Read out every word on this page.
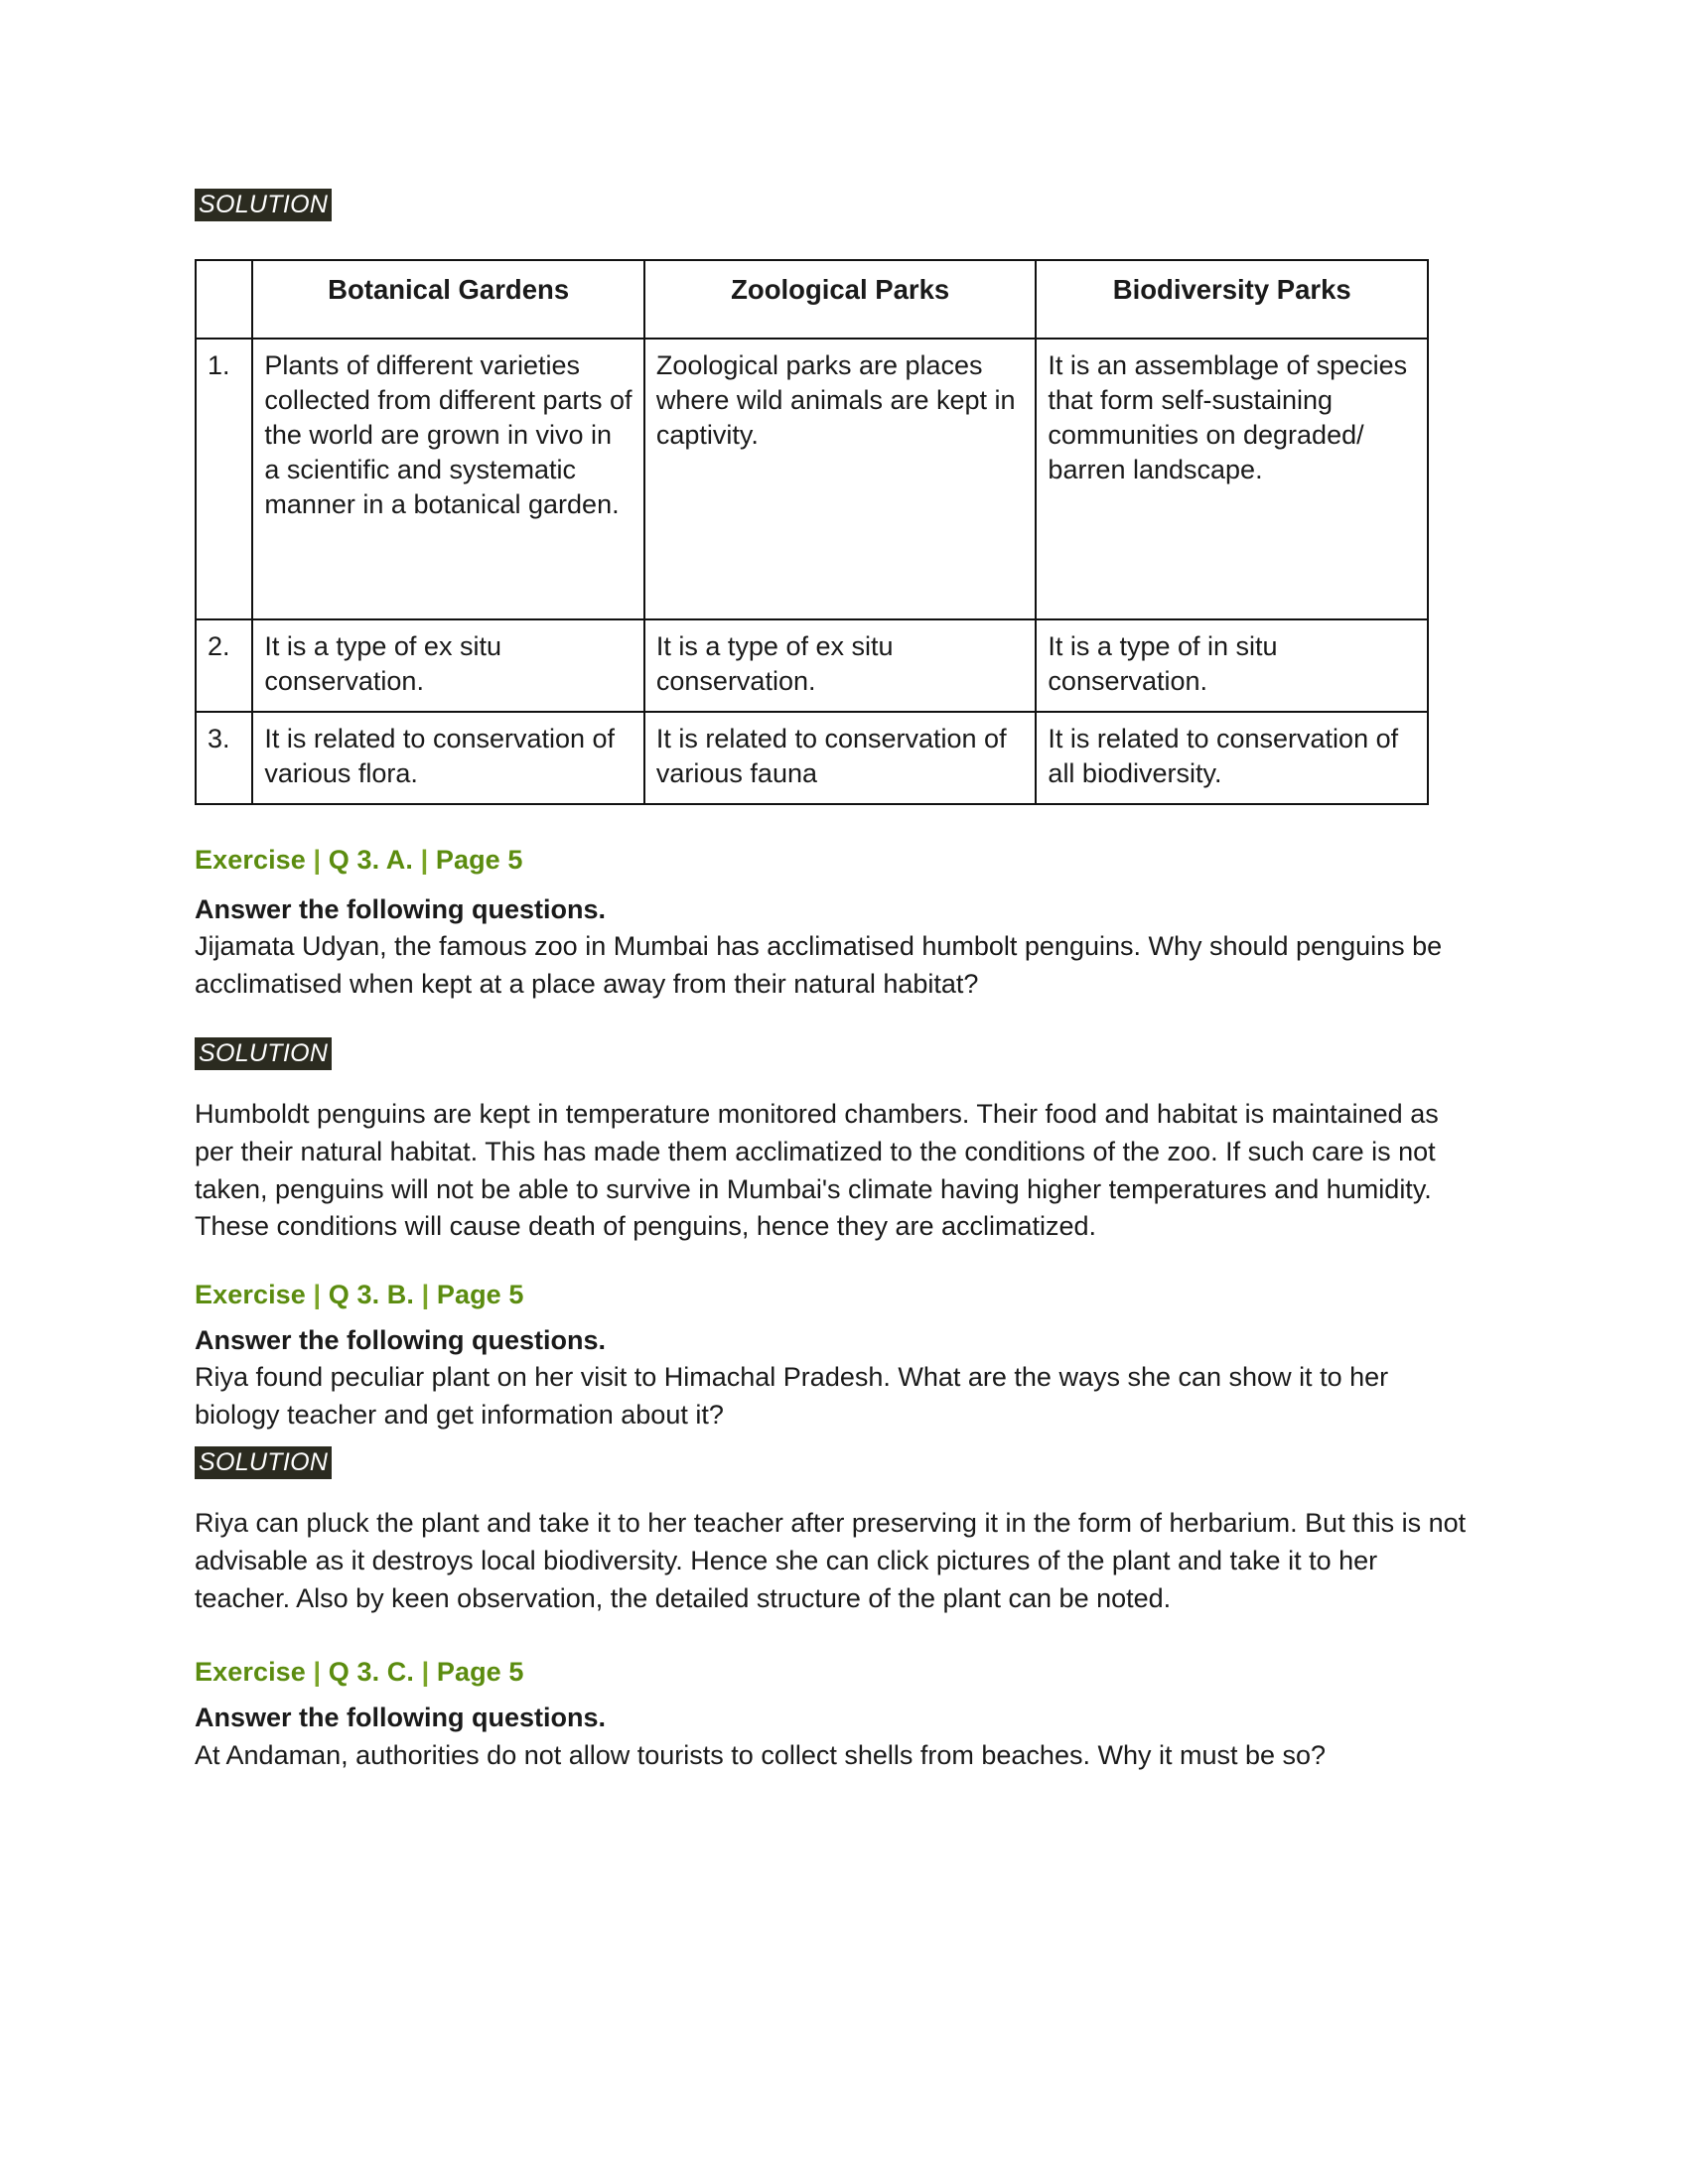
SOLUTION
	Botanical Gardens	Zoological Parks	Biodiversity Parks
1.	Plants of different varieties collected from different parts of the world are grown in vivo in a scientific and systematic manner in a botanical garden.	Zoological parks are places where wild animals are kept in captivity.	It is an assemblage of species that form self-sustaining communities on degraded/ barren landscape.
2.	It is a type of ex situ conservation.	It is a type of ex situ conservation.	It is a type of in situ conservation.
3.	It is related to conservation of various flora.	It is related to conservation of various fauna	It is related to conservation of all biodiversity.

Exercise | Q 3. A. | Page 5

Answer the following questions.

Jijamata Udyan, the famous zoo in Mumbai has acclimatised humbolt penguins. Why should penguins be acclimatised when kept at a place away from their natural habitat?

SOLUTION

Humboldt penguins are kept in temperature monitored chambers. Their food and habitat is maintained as per their natural habitat. This has made them acclimatized to the conditions of the zoo. If such care is not taken, penguins will not be able to survive in Mumbai's climate having higher temperatures and humidity. These conditions will cause death of penguins, hence they are acclimatized.

Exercise | Q 3. B. | Page 5

Answer the following questions.

Riya found peculiar plant on her visit to Himachal Pradesh. What are the ways she can show it to her biology teacher and get information about it?

SOLUTION

Riya can pluck the plant and take it to her teacher after preserving it in the form of herbarium. But this is not advisable as it destroys local biodiversity. Hence she can click pictures of the plant and take it to her teacher. Also by keen observation, the detailed structure of the plant can be noted.

Exercise | Q 3. C. | Page 5

Answer the following questions.

At Andaman, authorities do not allow tourists to collect shells from beaches. Why it must be so?
